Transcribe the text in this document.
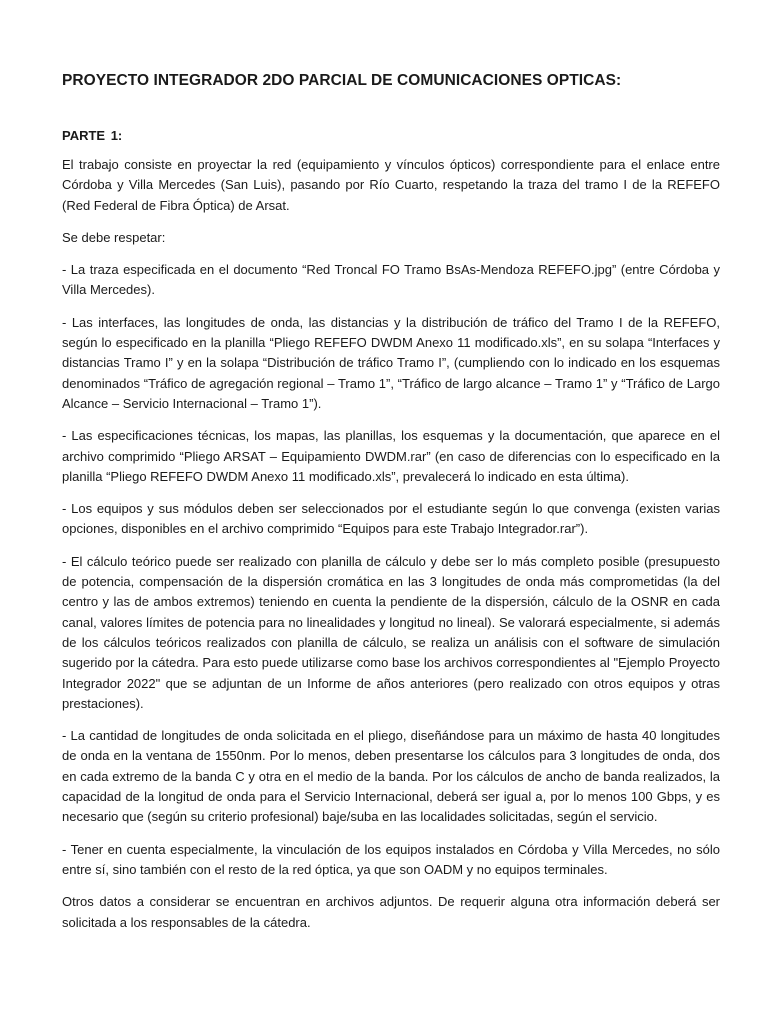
PROYECTO INTEGRADOR 2DO PARCIAL DE COMUNICACIONES OPTICAS:
PARTE 1:

El trabajo consiste en proyectar la red (equipamiento y vínculos ópticos) correspondiente para el enlace entre Córdoba y Villa Mercedes (San Luis), pasando por Río Cuarto, respetando la traza del tramo I de la REFEFO (Red Federal de Fibra Óptica) de Arsat.

Se debe respetar:

- La traza especificada en el documento “Red Troncal FO Tramo BsAs-Mendoza REFEFO.jpg” (entre Córdoba y Villa Mercedes).

- Las interfaces, las longitudes de onda, las distancias y la distribución de tráfico del Tramo I de la REFEFO, según lo especificado en la planilla “Pliego REFEFO DWDM Anexo 11 modificado.xls”, en su solapa “Interfaces y distancias Tramo I” y en la solapa “Distribución de tráfico Tramo I”, (cumpliendo con lo indicado en los esquemas denominados “Tráfico de agregación regional – Tramo 1”, “Tráfico de largo alcance – Tramo 1” y “Tráfico de Largo Alcance – Servicio Internacional – Tramo 1”).

- Las especificaciones técnicas, los mapas, las planillas, los esquemas y la documentación, que aparece en el archivo comprimido “Pliego ARSAT – Equipamiento DWDM.rar” (en caso de diferencias con lo especificado en la planilla “Pliego REFEFO DWDM Anexo 11 modificado.xls”, prevalecerá lo indicado en esta última).

- Los equipos y sus módulos deben ser seleccionados por el estudiante según lo que convenga (existen varias opciones, disponibles en el archivo comprimido “Equipos para este Trabajo Integrador.rar”).

- El cálculo teórico puede ser realizado con planilla de cálculo y debe ser lo más completo posible (presupuesto de potencia, compensación de la dispersión cromática en las 3 longitudes de onda más comprometidas (la del centro y las de ambos extremos) teniendo en cuenta la pendiente de la dispersión, cálculo de la OSNR en cada canal, valores límites de potencia para no linealidades y longitud no lineal). Se valorará especialmente, si además de los cálculos teóricos realizados con planilla de cálculo, se realiza un análisis con el software de simulación sugerido por la cátedra. Para esto puede utilizarse como base los archivos correspondientes al "Ejemplo Proyecto Integrador 2022" que se adjuntan de un Informe de años anteriores (pero realizado con otros equipos y otras prestaciones).

- La cantidad de longitudes de onda solicitada en el pliego, diseñándose para un máximo de hasta 40 longitudes de onda en la ventana de 1550nm. Por lo menos, deben presentarse los cálculos para 3 longitudes de onda, dos en cada extremo de la banda C y otra en el medio de la banda. Por los cálculos de ancho de banda realizados, la capacidad de la longitud de onda para el Servicio Internacional, deberá ser igual a, por lo menos 100 Gbps, y es necesario que (según su criterio profesional) baje/suba en las localidades solicitadas, según el servicio.

- Tener en cuenta especialmente, la vinculación de los equipos instalados en Córdoba y Villa Mercedes, no sólo entre sí, sino también con el resto de la red óptica, ya que son OADM y no equipos terminales.

Otros datos a considerar se encuentran en archivos adjuntos. De requerir alguna otra información deberá ser solicitada a los responsables de la cátedra.
